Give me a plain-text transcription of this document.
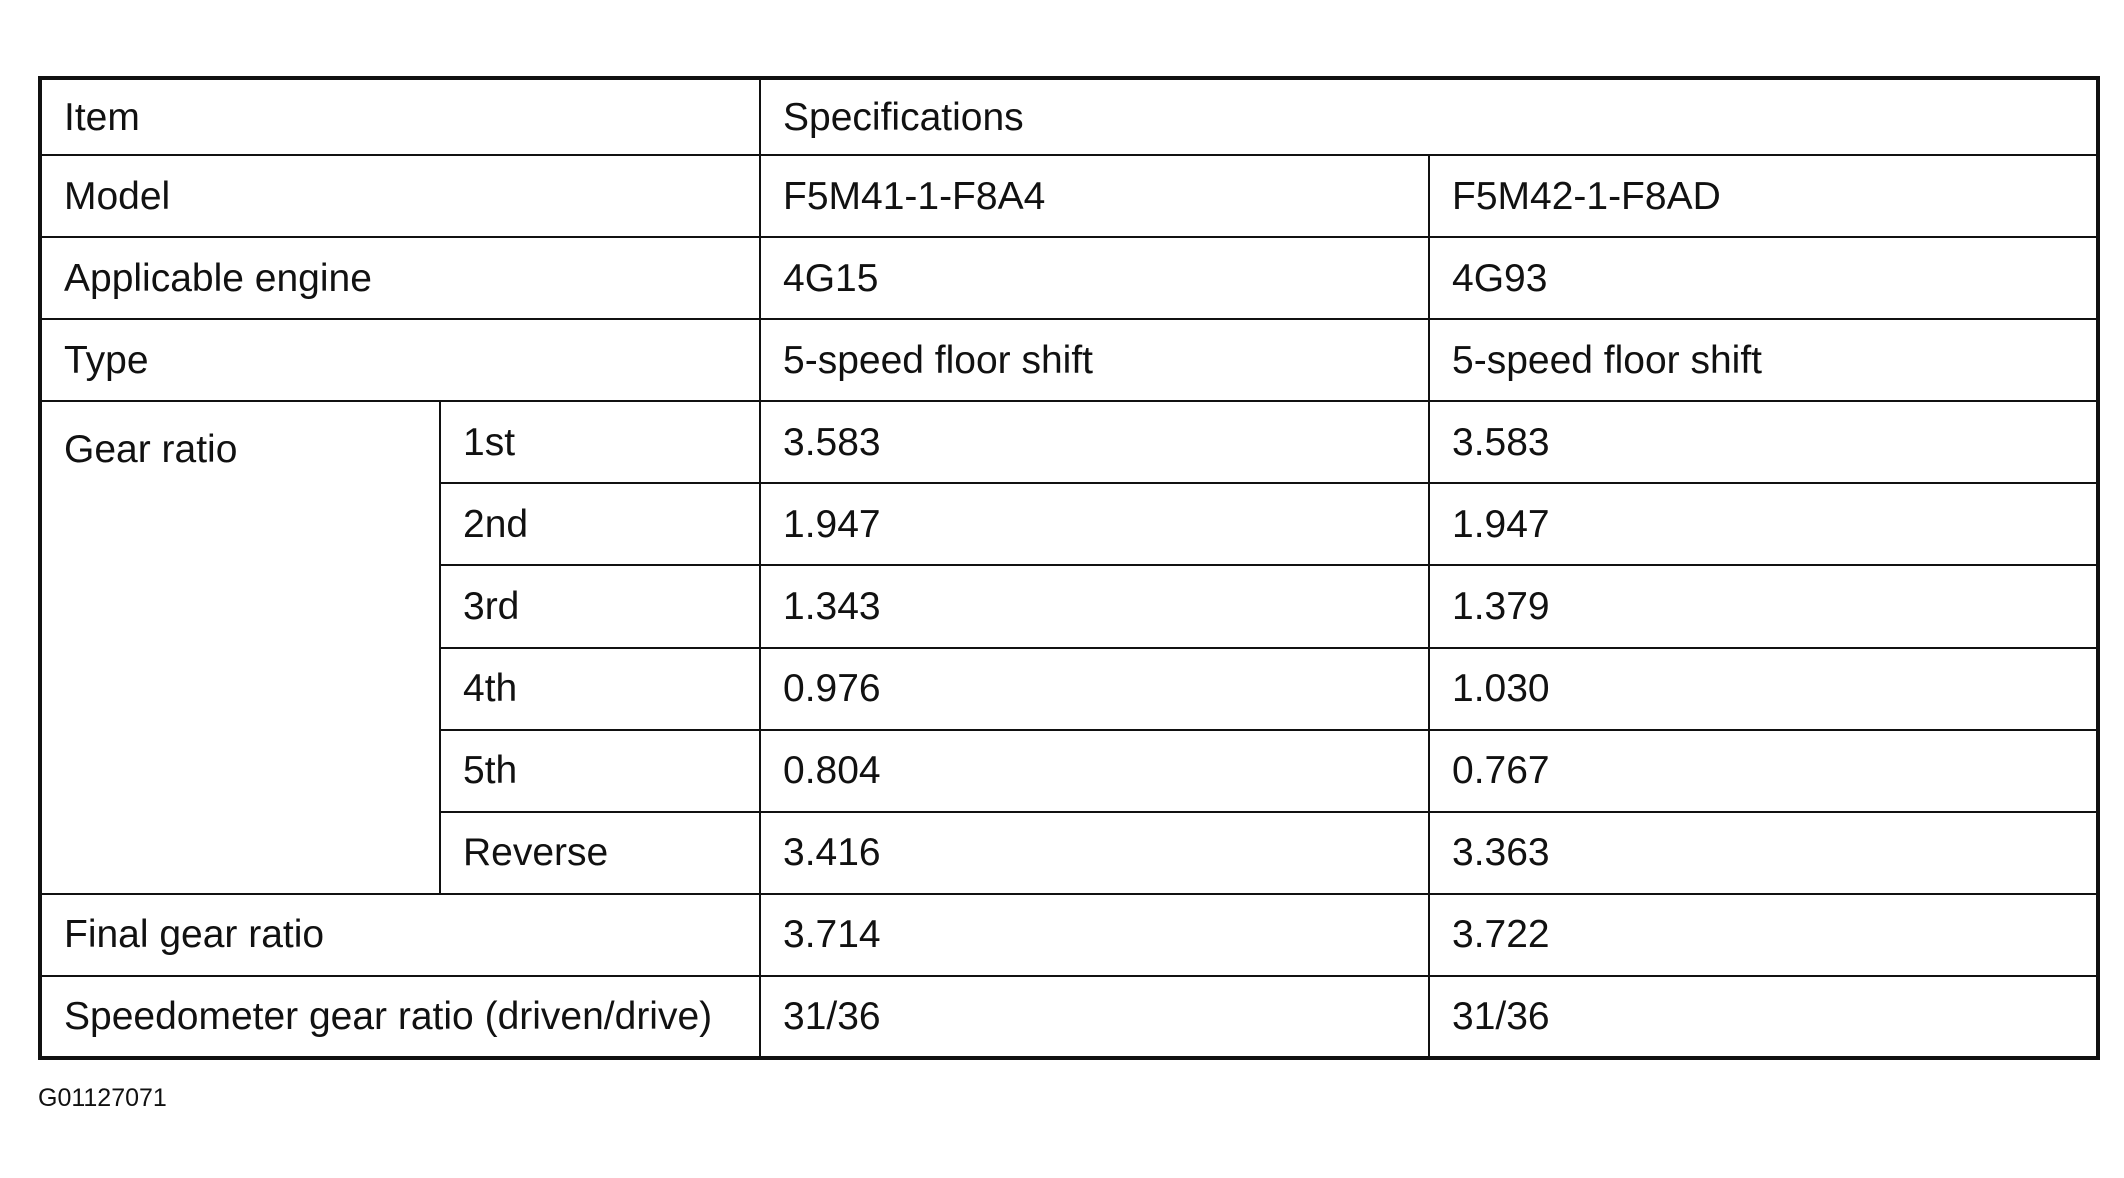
Item		Specifications	
Model		F5M41-1-F8A4	F5M42-1-F8AD
Applicable engine		4G15	4G93
Type		5-speed floor shift	5-speed floor shift
Gear ratio	1st	3.583	3.583
	2nd	1.947	1.947
	3rd	1.343	1.379
	4th	0.976	1.030
	5th	0.804	0.767
	Reverse	3.416	3.363
Final gear ratio		3.714	3.722
Speedometer gear ratio (driven/drive)		31/36	31/36
G01127071
